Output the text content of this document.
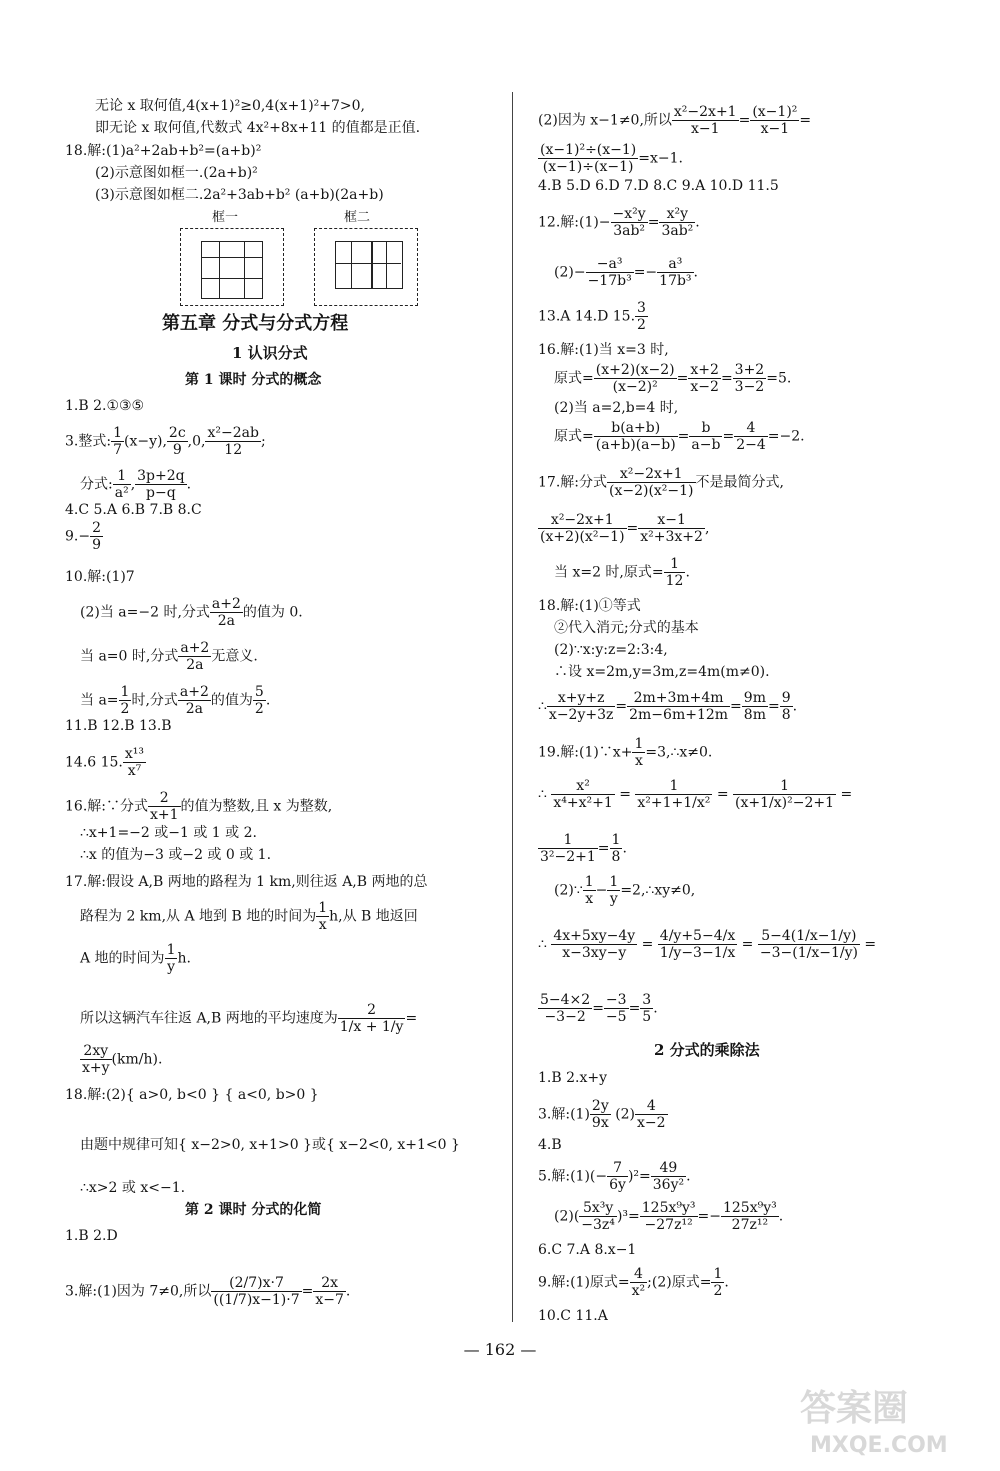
无论 x 取何值,4(x+1)²≥0,4(x+1)²+7>0,
即无论 x 取何值,代数式 4x²+8x+11 的值都是正值.
18.解:(1)a²+2ab+b²=(a+b)²
(2)示意图如框一.(2a+b)²
(3)示意图如框二.2a²+3ab+b² (a+b)(2a+b)
框一	框二
第五章 分式与分式方程
1 认识分式
第 1 课时 分式的概念
1.B 2.①③⑤
3.整式: $\frac{1}{7} (x-y)$, $\frac{2c}{9} ,0$, $\frac{\text{x²−2ab}}{12}$ ;
分式: $\frac{1}{\text{a²}}$ , $\frac{3p+2q}{p-q}$ .
4.C 5.A 6.B 7.B 8.C
$9.- \frac{2}{9}$
10.解:(1)7
(2)当 a=−2 时,分式 $\frac{a+2}{2a}$ 的值为 0.
当 a=0 时,分式 $\frac{a+2}{2a}$ 无意义.
当 $a= \frac{1}{2}$ 时,分式 $\frac{a+2}{2a}$ 的值为 $\frac{5}{2}$ .
11.B 12.B 13.B
14.6 15. $\frac{\text{x¹³}}{\text{x⁷}}$
16.解:∵分式 $\frac{2}{x+1}$ 的值为整数,且 x 为整数,
∴x+1=−2 或−1 或 1 或 2.
∴x 的值为−3 或−2 或 0 或 1.
17.解:假设 A,B 两地的路程为 1 km,则往返 A,B 两地的总
路程为 2 km,从 A 地到 B 地的时间为 $\frac{1}{x} h$,从 B 地返回
A 地的时间为 $\frac{1}{y} h$.
所以这辆汽车往返 A,B 两地的平均速度为 $\frac{2}{1/x + 1/y}$ =
$\frac{2xy}{x+y} (km/h)$.
18.解:(2){ a>0, b<0 } { a<0, b>0 }
由题中规律可知{ x−2>0, x+1>0 }或{ x−2<0, x+1<0 }
∴x>2 或 x<−1.
第 2 课时 分式的化简
1.B 2.D
3.解:(1)因为 7≠0,所以 $\frac{(2/7)x\cdot 7}{((1/7)x-1)\cdot 7} = \frac{2x}{x-7}$ .
(2)因为 x−1≠0,所以 $\frac{\text{x²−2x+1}}{x-1} = \frac{\text{(x−1)²}}{x-1}$ =
$\frac{\text{(x−1)²÷(x−1)}}{(x-1)\div(x-1)} =x-1$.
4.B 5.D 6.D 7.D 8.C 9.A 10.D 11.5
12.解:(1)− $\frac{\text{−x²y}}{\text{3ab²}} = \frac{\text{x²y}}{\text{3ab²}}$ .
$(2)- \frac{\text{−a³}}{\text{−17b³}} =- \frac{\text{a³}}{\text{17b³}}$ .
13.A 14.D 15. $\frac{3}{2}$
16.解:(1)当 x=3 时,
原式= $\frac{(x+2)(x-2)}{\text{(x−2)²}} = \frac{x+2}{x-2} = \frac{3+2}{3-2} =5$.
(2)当 a=2,b=4 时,
原式= $\frac{b(a+b)}{(a+b)(a-b)} = \frac{b}{a-b} = \frac{4}{2-4} =-2$.
17.解:分式 $\frac{\text{x²−2x+1}}{\text{(x−2)(x²−1)}}$ 不是最简分式,
$\frac{\text{x²−2x+1}}{\text{(x+2)(x²−1)}} = \frac{x-1}{\text{x²+3x+2}}$ ,
当 x=2 时,原式= $\frac{1}{12}$ .
18.解:(1)①等式
②代入消元;分式的基本
(2)∵x:y:z=2:3:4,
∴设 x=2m,y=3m,z=4m(m≠0).
∴ $\frac{x+y+z}{x-2y+3z} = \frac{2m+3m+4m}{2m-6m+12m} = \frac{9m}{8m} = \frac{9}{8}$ .
19.解:(1)∵x+ $\frac{1}{x}$ =3,∴x≠0.
∴ $\frac{\text{x²}}{\text{x⁴+x²+1}} = \frac{1}{\text{x²+1+1/x²}} = \frac{1}{\text{(x+1/x)²−2+1}}$ =
$\frac{1}{\text{3²−2+1}} = \frac{1}{8}$ .
(2)∵ $\frac{1}{x} - \frac{1}{y}$ =2,∴xy≠0,
∴ $\frac{4x+5xy-4y}{x-3xy-y} = \frac{4/y+5-4/x}{1/y-3-1/x} = \frac{5-4(1/x-1/y)}{-3-(1/x-1/y)}$ =
$\frac{5-4\times 2}{-3-2} = \frac{-3}{-5} = \frac{3}{5}$ .
2 分式的乘除法
1.B 2.x+y
3.解:(1) $\frac{2y}{9x} (2) \frac{4}{x-2}$
4.B
5.解:(1)(− $\frac{7}{6y} )^2= \frac{49}{\text{36y²}}$ .
$(2)( \frac{\text{5x³y}}{\text{−3z⁴}} )^3= \frac{\text{125x⁹y³}}{\text{−27z¹²}} =- \frac{\text{125x⁹y³}}{\text{27z¹²}}$ .
6.C 7.A 8.x−1
9.解:(1)原式= $\frac{4}{\text{x²}}$ ;(2)原式= $\frac{1}{2}$ .
10.C 11.A
— 162 —
答案圈
MXQE.COM
